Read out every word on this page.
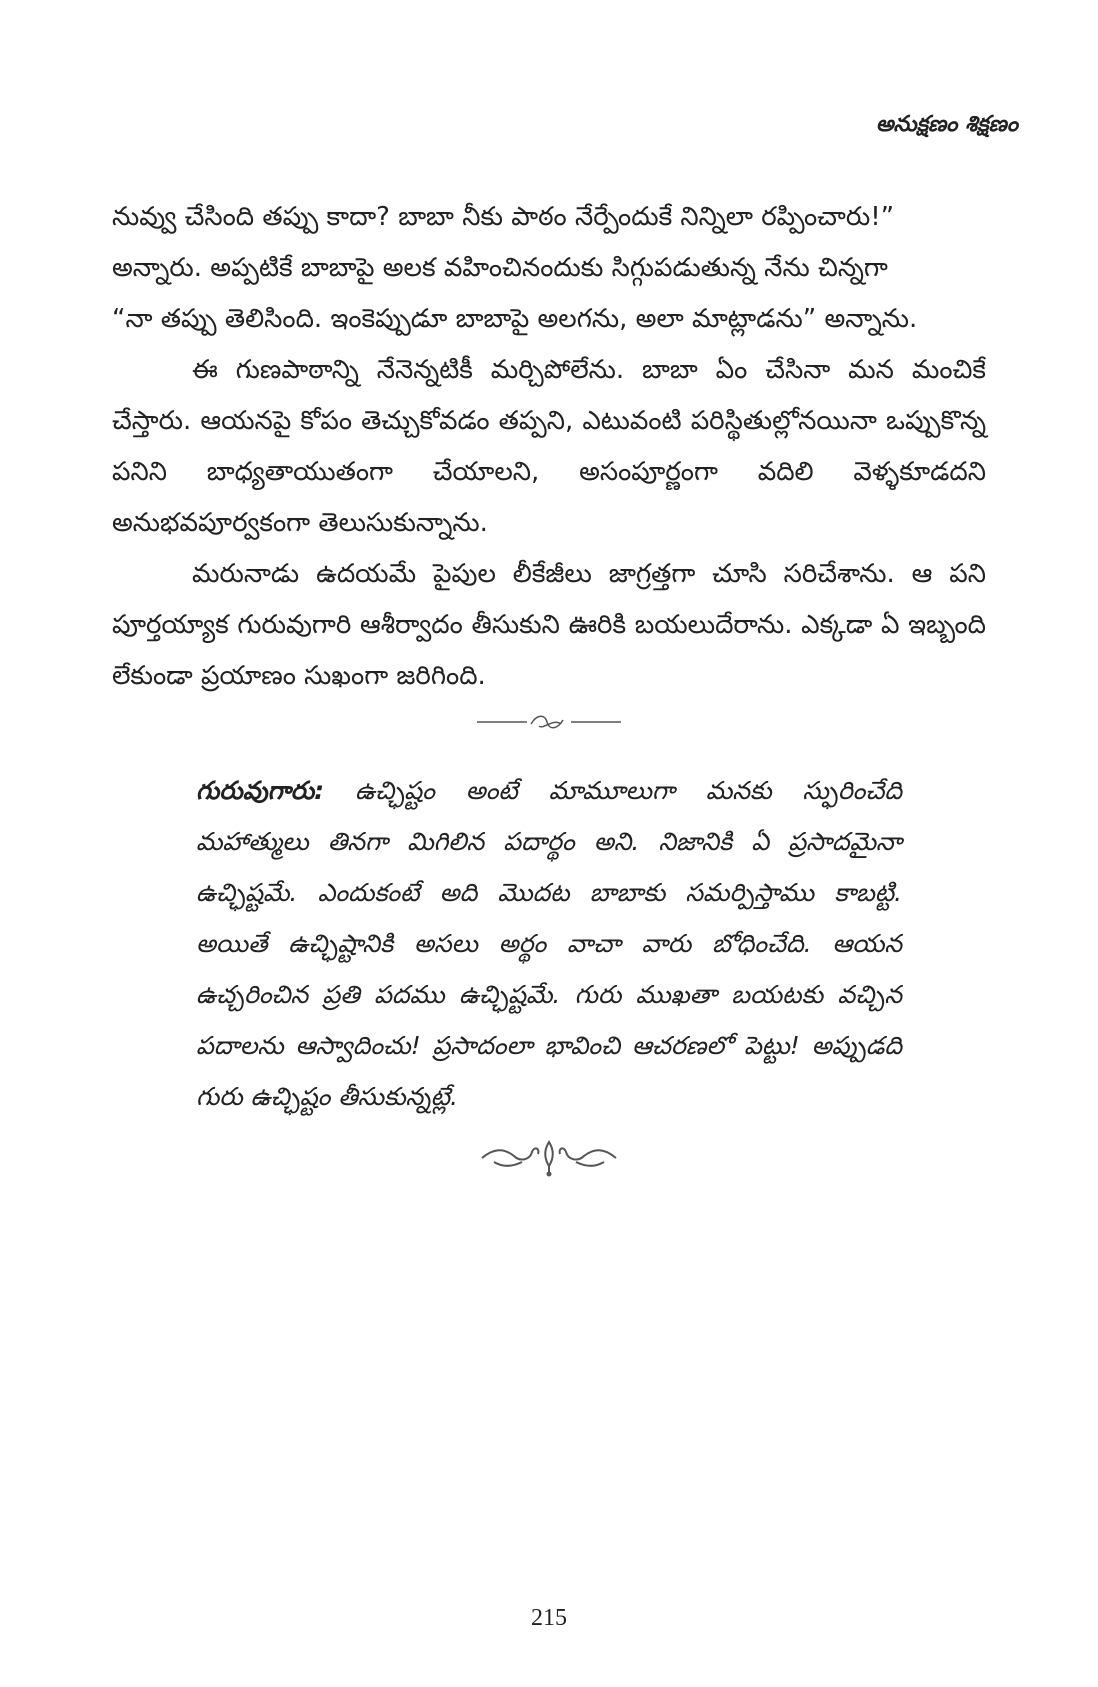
అనుక్షణం శిక్షణం

నువ్వు చేసింది తప్పు కాదా? బాబా నీకు పాఠం నేర్పేందుకే నిన్నిలా రప్పించారు!”

అన్నారు. అప్పటికే బాబాపై అలక వహించినందుకు సిగ్గుపడుతున్న నేను చిన్నగా

“నా తప్పు తెలిసింది. ఇంకెప్పుడూ బాబాపై అలగను, అలా మాట్లాడను” అన్నాను.

ఈ గుణపాఠాన్ని నేనెన్నటికీ మర్చిపోలేను. బాబా ఏం చేసినా మన మంచికే చేస్తారు. ఆయనపై కోపం తెచ్చుకోవడం తప్పని, ఎటువంటి పరిస్థితుల్లోనయినా ఒప్పుకొన్న పనిని బాధ్యతాయుతంగా చేయాలని, అసంపూర్ణంగా వదిలి వెళ్ళకూడదని అనుభవపూర్వకంగా తెలుసుకున్నాను.

మరునాడు ఉదయమే పైపుల లీకేజీలు జాగ్రత్తగా చూసి సరిచేశాను. ఆ పని పూర్తయ్యాక గురువుగారి ఆశీర్వాదం తీసుకుని ఊరికి బయలుదేరాను. ఎక్కడా ఏ ఇబ్బంది లేకుండా ప్రయాణం సుఖంగా జరిగింది.

గురువుగారు: ఉచ్ఛిష్టం అంటే మామూలుగా మనకు స్ఫురించేది మహాత్ములు తినగా మిగిలిన పదార్థం అని. నిజానికి ఏ ప్రసాదమైనా ఉచ్ఛిష్టమే. ఎందుకంటే అది మొదట బాబాకు సమర్పిస్తాము కాబట్టి. అయితే ఉచ్ఛిష్టానికి అసలు అర్థం వాచా వారు బోధించేది. ఆయన ఉచ్చరించిన ప్రతి పదము ఉచ్ఛిష్టమే. గురు ముఖతా బయటకు వచ్చిన పదాలను ఆస్వాదించు! ప్రసాదంలా భావించి ఆచరణలో పెట్టు! అప్పుడది గురు ఉచ్ఛిష్టం తీసుకున్నట్లే.
215
